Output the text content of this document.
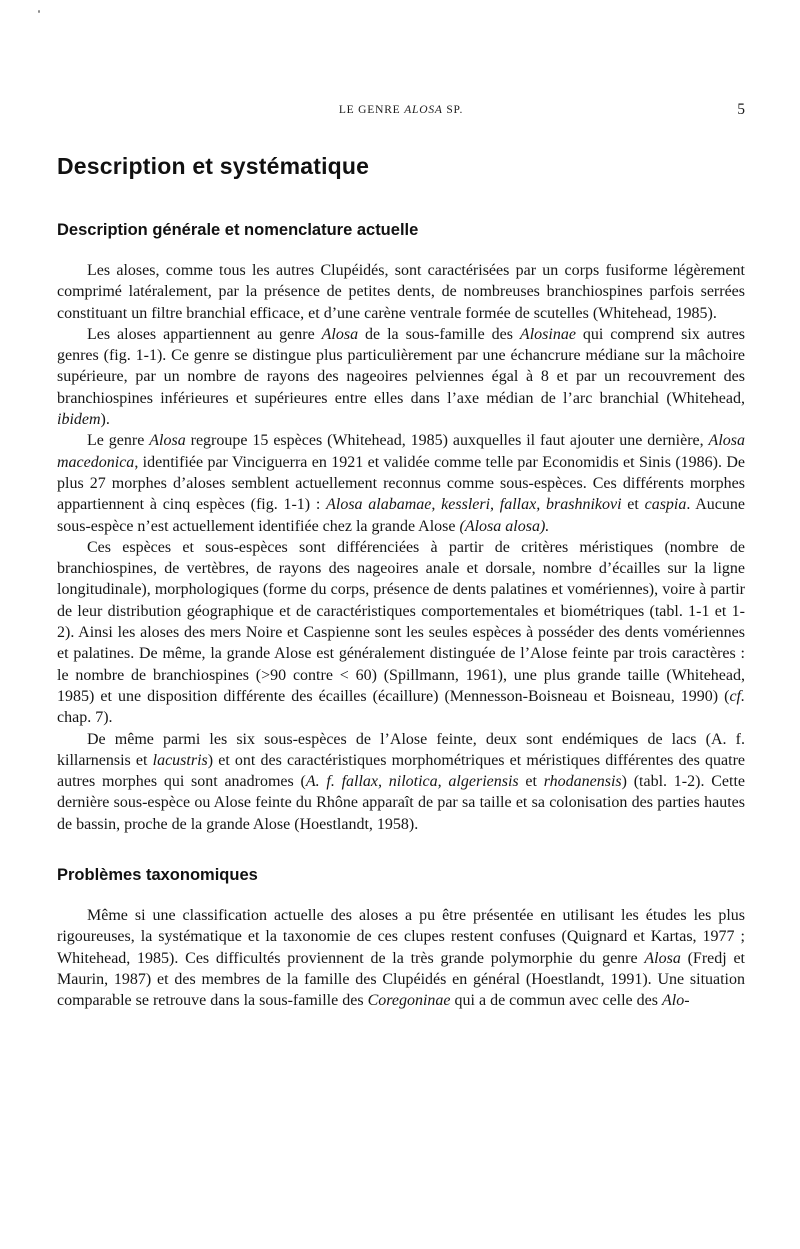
LE GENRE ALOSA SP.	5
Description et systématique
Description générale et nomenclature actuelle

Les aloses, comme tous les autres Clupéidés, sont caractérisées par un corps fusiforme légèrement comprimé latéralement, par la présence de petites dents, de nombreuses branchiospines parfois serrées constituant un filtre branchial efficace, et d’une carène ventrale formée de scutelles (Whitehead, 1985).

Les aloses appartiennent au genre Alosa de la sous-famille des Alosinae qui comprend six autres genres (fig. 1-1). Ce genre se distingue plus particulièrement par une échancrure médiane sur la mâchoire supérieure, par un nombre de rayons des nageoires pelviennes égal à 8 et par un recouvrement des branchiospines inférieures et supérieures entre elles dans l’axe médian de l’arc branchial (Whitehead, ibidem).

Le genre Alosa regroupe 15 espèces (Whitehead, 1985) auxquelles il faut ajouter une dernière, Alosa macedonica, identifiée par Vinciguerra en 1921 et validée comme telle par Economidis et Sinis (1986). De plus 27 morphes d’aloses semblent actuellement reconnus comme sous-espèces. Ces différents morphes appartiennent à cinq espèces (fig. 1-1) : Alosa alabamae, kessleri, fallax, brashnikovi et caspia. Aucune sous-espèce n’est actuellement identifiée chez la grande Alose (Alosa alosa).

Ces espèces et sous-espèces sont différenciées à partir de critères méristiques (nombre de branchiospines, de vertèbres, de rayons des nageoires anale et dorsale, nombre d’écailles sur la ligne longitudinale), morphologiques (forme du corps, présence de dents palatines et vomériennes), voire à partir de leur distribution géographique et de caractéristiques comportementales et biométriques (tabl. 1-1 et 1-2). Ainsi les aloses des mers Noire et Caspienne sont les seules espèces à posséder des dents vomériennes et palatines. De même, la grande Alose est généralement distinguée de l’Alose feinte par trois caractères : le nombre de branchiospines (>90 contre < 60) (Spillmann, 1961), une plus grande taille (Whitehead, 1985) et une disposition différente des écailles (écaillure) (Mennesson-Boisneau et Boisneau, 1990) (cf. chap. 7).

De même parmi les six sous-espèces de l’Alose feinte, deux sont endémiques de lacs (A. f. killarnensis et lacustris) et ont des caractéristiques morphométriques et méristiques différentes des quatre autres morphes qui sont anadromes (A. f. fallax, nilotica, algeriensis et rhodanensis) (tabl. 1-2). Cette dernière sous-espèce ou Alose feinte du Rhône apparaît de par sa taille et sa colonisation des parties hautes de bassin, proche de la grande Alose (Hoestlandt, 1958).

Problèmes taxonomiques

Même si une classification actuelle des aloses a pu être présentée en utilisant les études les plus rigoureuses, la systématique et la taxonomie de ces clupes restent confuses (Quignard et Kartas, 1977 ; Whitehead, 1985). Ces difficultés proviennent de la très grande polymorphie du genre Alosa (Fredj et Maurin, 1987) et des membres de la famille des Clupéidés en général (Hoestlandt, 1991). Une situation comparable se retrouve dans la sous-famille des Coregoninae qui a de commun avec celle des Alo-
